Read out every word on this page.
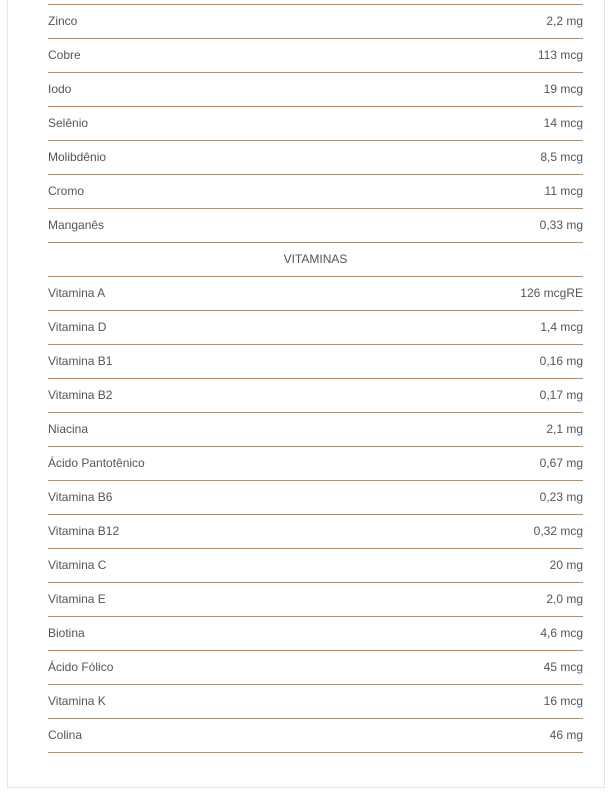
Zinco	2,2 mg
Cobre	113 mcg
Iodo	19 mcg
Selênio	14 mcg
Molibdênio	8,5 mcg
Cromo	11 mcg
Manganês	0,33 mg
VITAMINAS
Vitamina A	126 mcgRE
Vitamina D	1,4 mcg
Vitamina B1	0,16 mg
Vitamina B2	0,17 mg
Niacina	2,1 mg
Ácido Pantotênico	0,67 mg
Vitamina B6	0,23 mg
Vitamina B12	0,32 mcg
Vitamina C	20 mg
Vitamina E	2,0 mg
Biotina	4,6 mcg
Ácido Fólico	45 mcg
Vitamina K	16 mcg
Colina	46 mg
